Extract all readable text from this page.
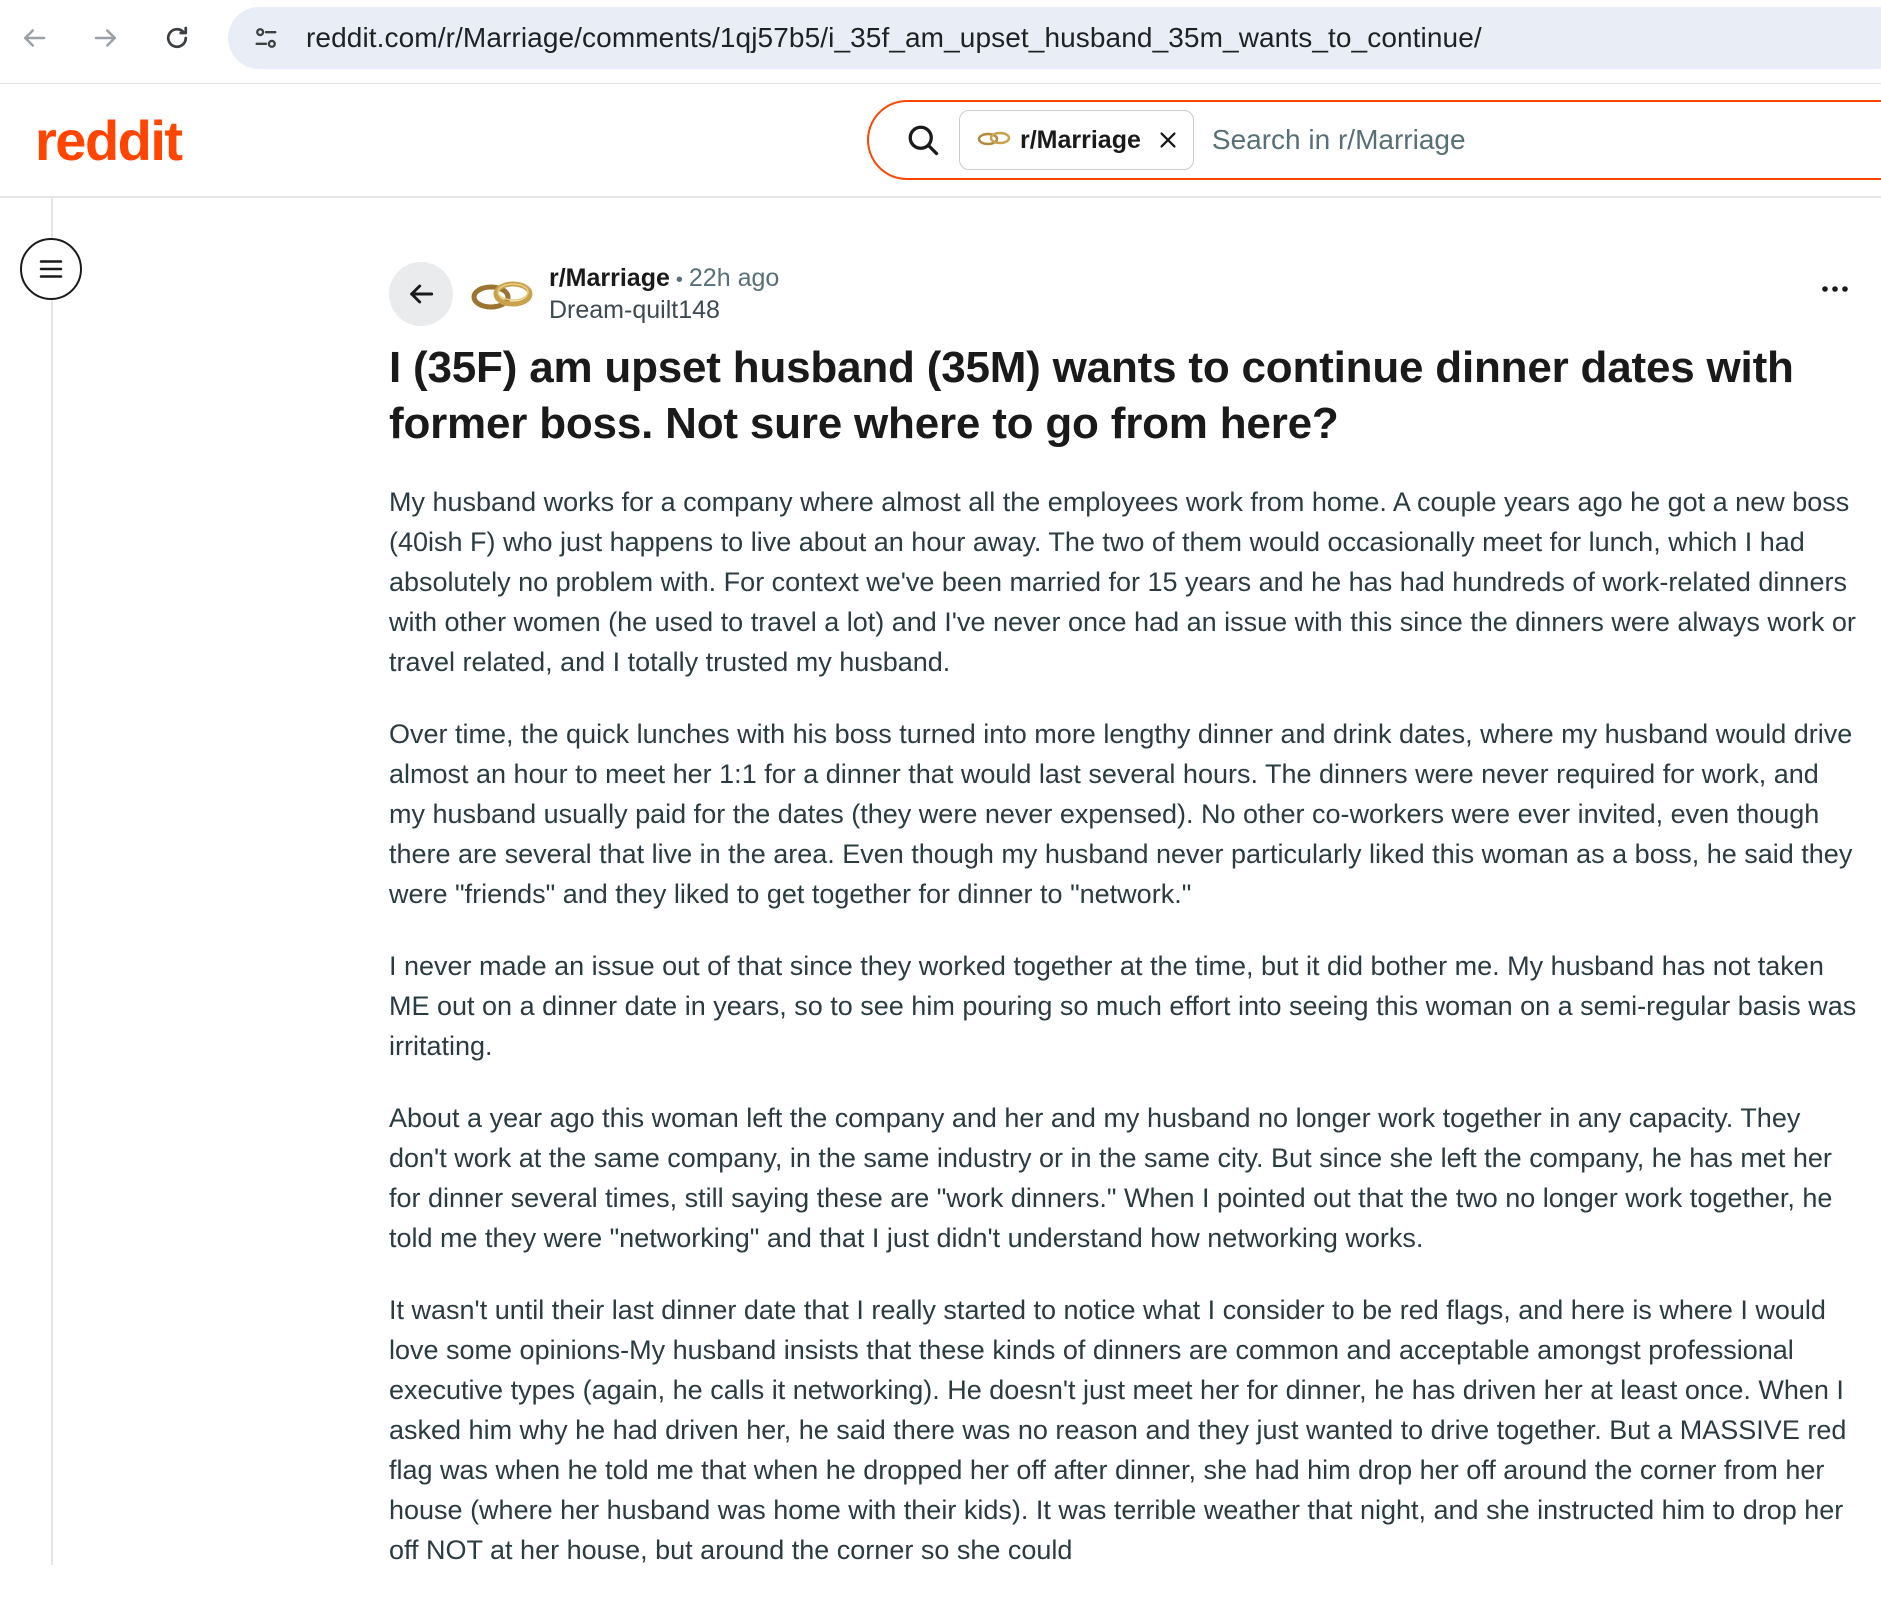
reddit.com/r/Marriage/comments/1qj57b5/i_35f_am_upset_husband_35m_wants_to_continue/
reddit	r/Marriage	Search in r/Marriage
r/Marriage • 22h ago
Dream-quilt148
I (35F) am upset husband (35M) wants to continue dinner dates with former boss. Not sure where to go from here?

My husband works for a company where almost all the employees work from home. A couple years ago he got a new boss (40ish F) who just happens to live about an hour away. The two of them would occasionally meet for lunch, which I had absolutely no problem with. For context we've been married for 15 years and he has had hundreds of work-related dinners with other women (he used to travel a lot) and I've never once had an issue with this since the dinners were always work or travel related, and I totally trusted my husband.

Over time, the quick lunches with his boss turned into more lengthy dinner and drink dates, where my husband would drive almost an hour to meet her 1:1 for a dinner that would last several hours. The dinners were never required for work, and my husband usually paid for the dates (they were never expensed). No other co-workers were ever invited, even though there are several that live in the area. Even though my husband never particularly liked this woman as a boss, he said they were "friends" and they liked to get together for dinner to "network."

I never made an issue out of that since they worked together at the time, but it did bother me. My husband has not taken ME out on a dinner date in years, so to see him pouring so much effort into seeing this woman on a semi-regular basis was irritating.

About a year ago this woman left the company and her and my husband no longer work together in any capacity. They don't work at the same company, in the same industry or in the same city. But since she left the company, he has met her for dinner several times, still saying these are "work dinners." When I pointed out that the two no longer work together, he told me they were "networking" and that I just didn't understand how networking works.

It wasn't until their last dinner date that I really started to notice what I consider to be red flags, and here is where I would love some opinions-My husband insists that these kinds of dinners are common and acceptable amongst professional executive types (again, he calls it networking). He doesn't just meet her for dinner, he has driven her at least once. When I asked him why he had driven her, he said there was no reason and they just wanted to drive together. But a MASSIVE red flag was when he told me that when he dropped her off after dinner, she had him drop her off around the corner from her house (where her husband was home with their kids). It was terrible weather that night, and she instructed him to drop her off NOT at her house, but around the corner so she could
